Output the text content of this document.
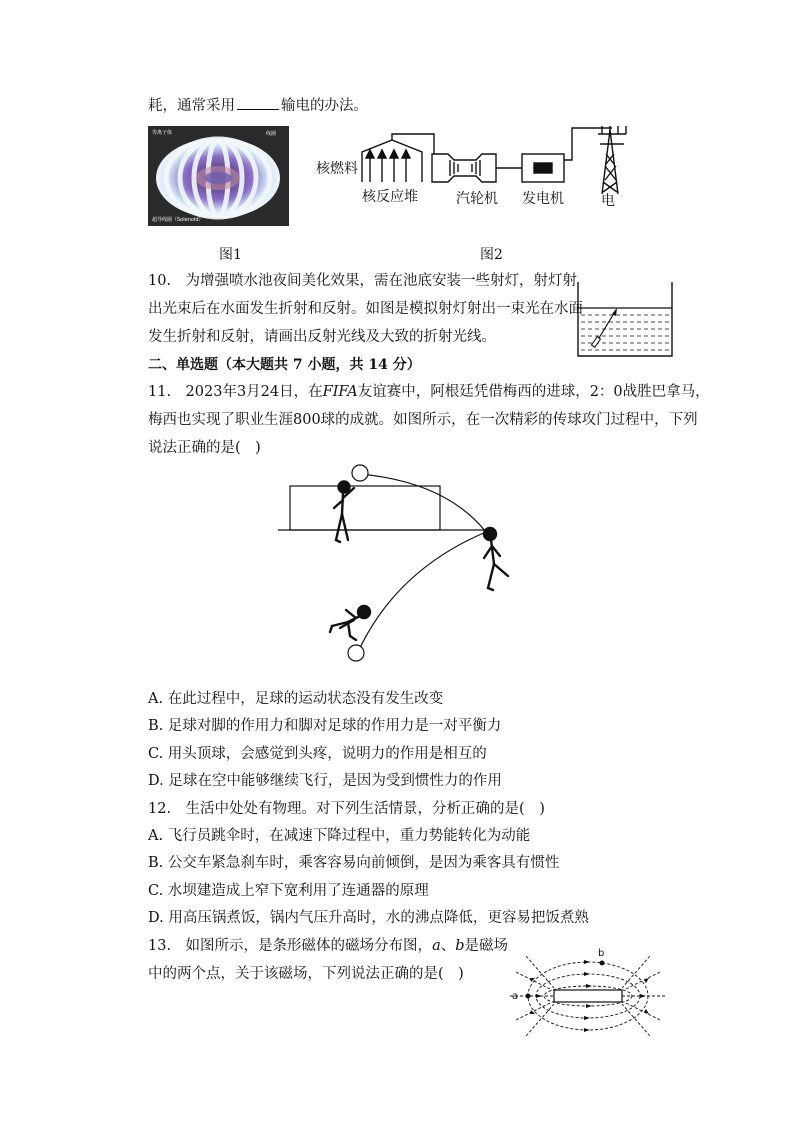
耗，通常采用	输电的办法。
等离子体	线圈
超导线圈（Solenoid）
图1
核燃料
核反应堆	汽轮机 发电机	电
图2
10.　为增强喷水池夜间美化效果，需在池底安装一些射灯，射灯射
出光束后在水面发生折射和反射。如图是模拟射灯射出一束光在水面
发生折射和反射，请画出反射光线及大致的折射光线。
二、单选题（本大题共 7 小题，共 14 分）
11.　2023年3月24日，在FIFA友谊赛中，阿根廷凭借梅西的进球，2：0战胜巴拿马，
梅西也实现了职业生涯800球的成就。如图所示，在一次精彩的传球攻门过程中，下列
说法正确的是(　)
A. 在此过程中，足球的运动状态没有发生改变
B. 足球对脚的作用力和脚对足球的作用力是一对平衡力
C. 用头顶球，会感觉到头疼，说明力的作用是相互的
D. 足球在空中能够继续飞行，是因为受到惯性力的作用
12.　生活中处处有物理。对下列生活情景，分析正确的是(　)
A. 飞行员跳伞时，在减速下降过程中，重力势能转化为动能
B. 公交车紧急刹车时，乘客容易向前倾倒，是因为乘客具有惯性
C. 水坝建造成上窄下宽利用了连通器的原理
D. 用高压锅煮饭，锅内气压升高时，水的沸点降低，更容易把饭煮熟
13.　如图所示，是条形磁体的磁场分布图，a、b是磁场
中的两个点，关于该磁场，下列说法正确的是(　)
a
b
